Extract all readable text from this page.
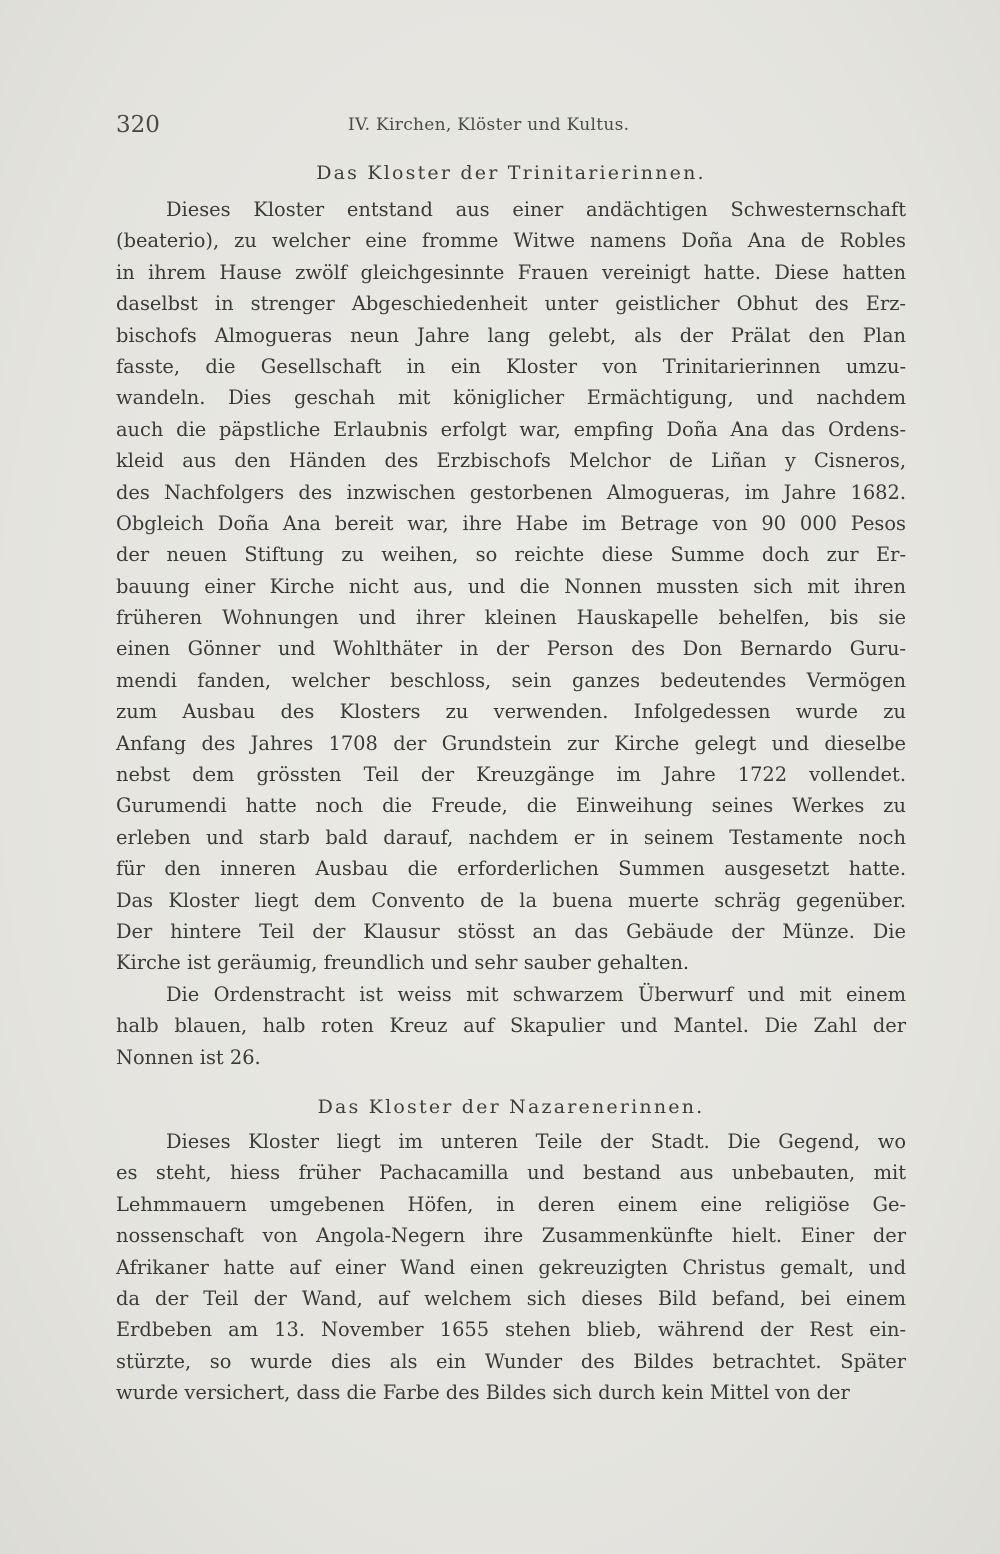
320	IV. Kirchen, Klöster und Kultus.
Das Kloster der Trinitarierinnen.
Dieses Kloster entstand aus einer andächtigen Schwesternschaft
(beaterio), zu welcher eine fromme Witwe namens Doña Ana de Robles
in ihrem Hause zwölf gleichgesinnte Frauen vereinigt hatte. Diese hatten
daselbst in strenger Abgeschiedenheit unter geistlicher Obhut des Erz-
bischofs Almogueras neun Jahre lang gelebt, als der Prälat den Plan
fasste, die Gesellschaft in ein Kloster von Trinitarierinnen umzu-
wandeln. Dies geschah mit königlicher Ermächtigung, und nachdem
auch die päpstliche Erlaubnis erfolgt war, empfing Doña Ana das Ordens-
kleid aus den Händen des Erzbischofs Melchor de Liñan y Cisneros,
des Nachfolgers des inzwischen gestorbenen Almogueras, im Jahre 1682.
Obgleich Doña Ana bereit war, ihre Habe im Betrage von 90 000 Pesos
der neuen Stiftung zu weihen, so reichte diese Summe doch zur Er-
bauung einer Kirche nicht aus, und die Nonnen mussten sich mit ihren
früheren Wohnungen und ihrer kleinen Hauskapelle behelfen, bis sie
einen Gönner und Wohlthäter in der Person des Don Bernardo Guru-
mendi fanden, welcher beschloss, sein ganzes bedeutendes Vermögen
zum Ausbau des Klosters zu verwenden. Infolgedessen wurde zu
Anfang des Jahres 1708 der Grundstein zur Kirche gelegt und dieselbe
nebst dem grössten Teil der Kreuzgänge im Jahre 1722 vollendet.
Gurumendi hatte noch die Freude, die Einweihung seines Werkes zu
erleben und starb bald darauf, nachdem er in seinem Testamente noch
für den inneren Ausbau die erforderlichen Summen ausgesetzt hatte.
Das Kloster liegt dem Convento de la buena muerte schräg gegenüber.
Der hintere Teil der Klausur stösst an das Gebäude der Münze. Die
Kirche ist geräumig, freundlich und sehr sauber gehalten.
Die Ordenstracht ist weiss mit schwarzem Überwurf und mit einem
halb blauen, halb roten Kreuz auf Skapulier und Mantel. Die Zahl der
Nonnen ist 26.
Das Kloster der Nazarenerinnen.
Dieses Kloster liegt im unteren Teile der Stadt. Die Gegend, wo
es steht, hiess früher Pachacamilla und bestand aus unbebauten, mit
Lehmmauern umgebenen Höfen, in deren einem eine religiöse Ge-
nossenschaft von Angola-Negern ihre Zusammenkünfte hielt. Einer der
Afrikaner hatte auf einer Wand einen gekreuzigten Christus gemalt, und
da der Teil der Wand, auf welchem sich dieses Bild befand, bei einem
Erdbeben am 13. November 1655 stehen blieb, während der Rest ein-
stürzte, so wurde dies als ein Wunder des Bildes betrachtet. Später
wurde versichert, dass die Farbe des Bildes sich durch kein Mittel von der
